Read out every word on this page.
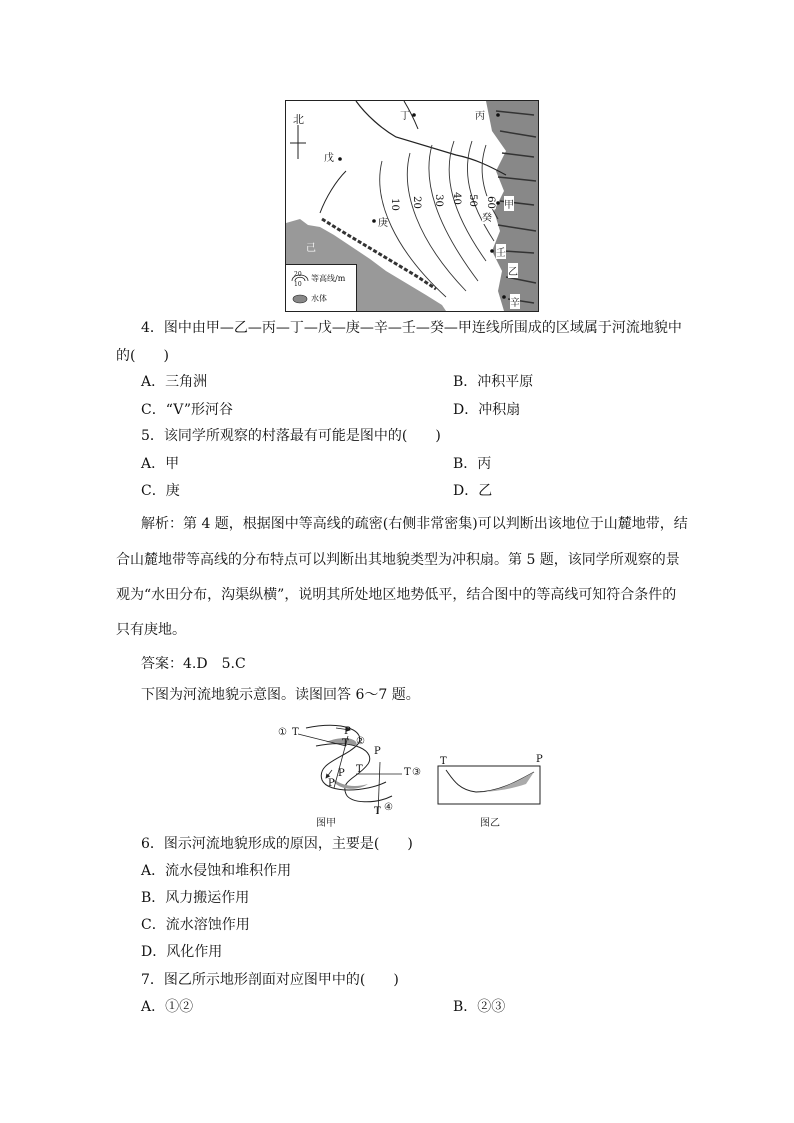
北	丁	丙
戊
庚
甲
癸
壬
乙
辛
己
10 20 30 40 50 60
20
10
等高线/m
水体
4．图中由甲—乙—丙—丁—戊—庚—辛—壬—癸—甲连线所围成的区域属于河流地貌中
的(　　)
A．三角洲	B．冲积平原
C．“V”形河谷	D．冲积扇
5．该同学所观察的村落最有可能是图中的(　　)
A．甲	B．丙
C．庚	D．乙
解析：第 4 题，根据图中等高线的疏密(右侧非常密集)可以判断出该地位于山麓地带，结
合山麓地带等高线的分布特点可以判断出其地貌类型为冲积扇。第 5 题，该同学所观察的景
观为“水田分布，沟渠纵横”，说明其所处地区地势低平，结合图中的等高线可知符合条件的
只有庚地。
答案：4.D　5.C
下图为河流地貌示意图。读图回答 6～7 题。
① T	P
T ②
P
P T
P
T ③
T ④
T	P
图甲	图乙
6．图示河流地貌形成的原因，主要是(　　)
A．流水侵蚀和堆积作用
B．风力搬运作用
C．流水溶蚀作用
D．风化作用
7．图乙所示地形剖面对应图甲中的(　　)
A．①②	B．②③
